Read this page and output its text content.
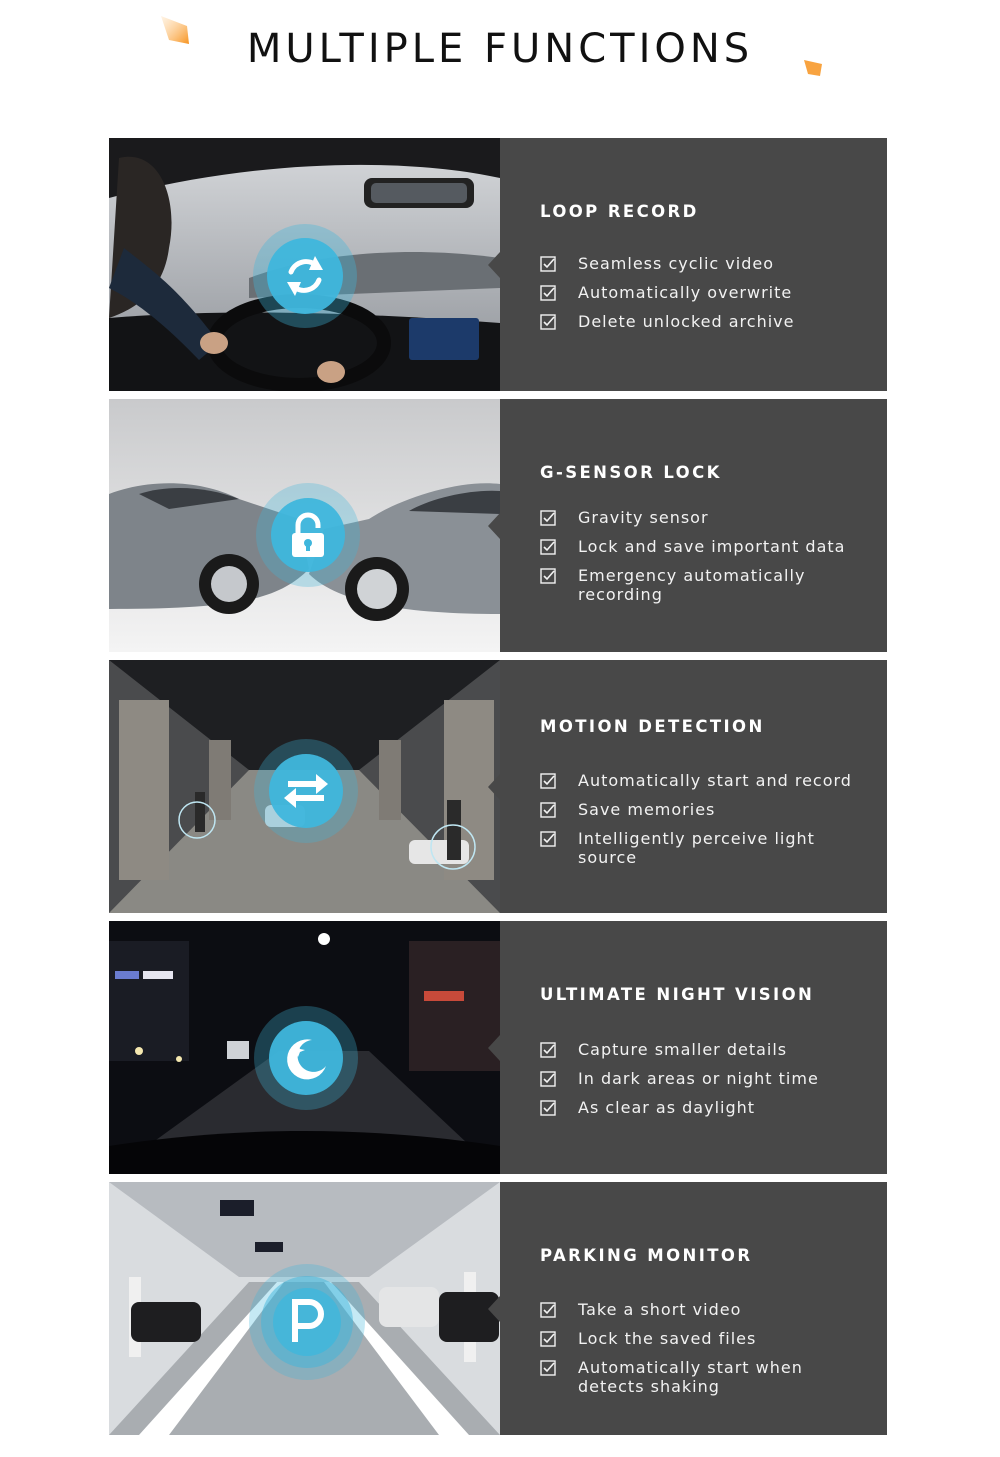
MULTIPLE FUNCTIONS
LOOP RECORD
Seamless cyclic video
Automatically overwrite
Delete unlocked archive
G-SENSOR LOCK
Gravity sensor
Lock and save important data
Emergency automatically recording
MOTION DETECTION
Automatically start and record
Save memories
Intelligently perceive light source
ULTIMATE NIGHT VISION
Capture smaller details
In dark areas or night time
As clear as daylight
PARKING MONITOR
Take a short video
Lock the saved files
Automatically start when detects shaking
